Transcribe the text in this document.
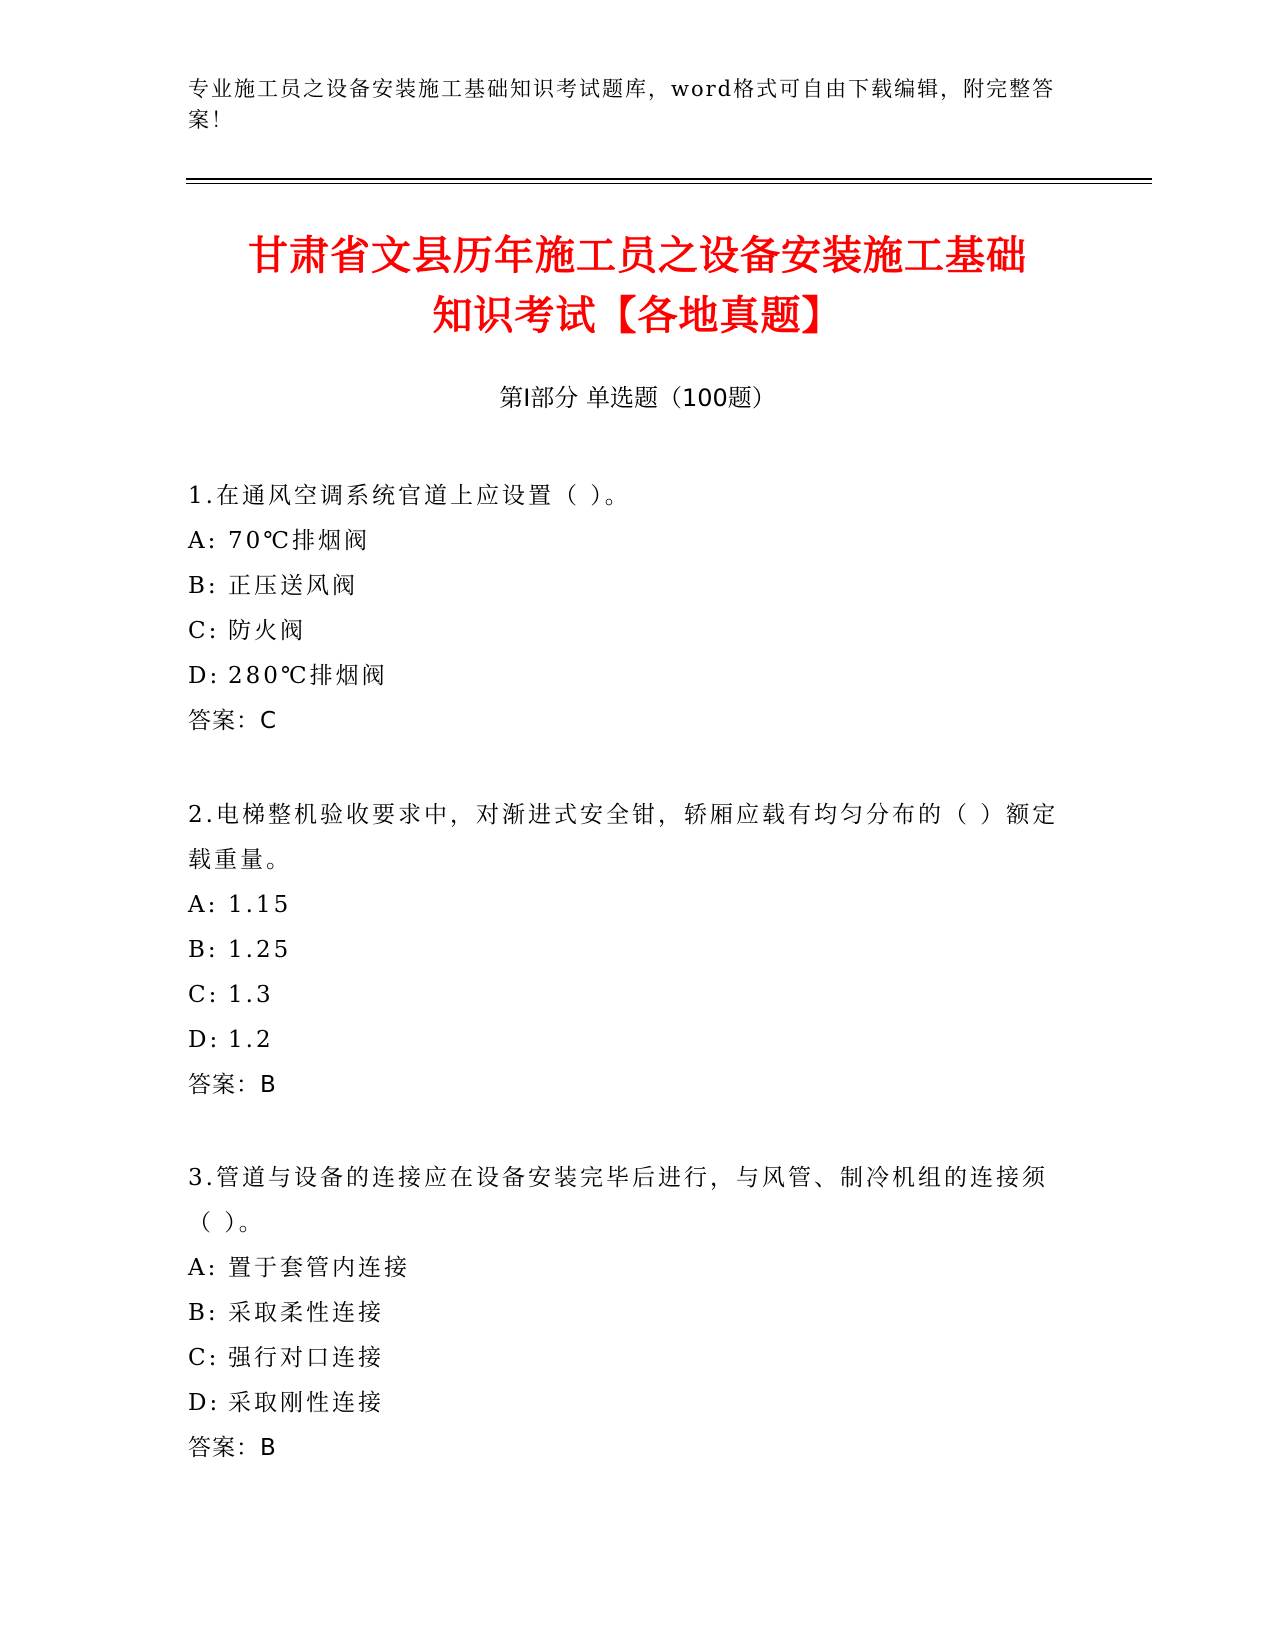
专业施工员之设备安装施工基础知识考试题库，word格式可自由下载编辑，附完整答案！
甘肃省文县历年施工员之设备安装施工基础
知识考试【各地真题】
第Ⅰ部分 单选题（100题）
1.在通风空调系统官道上应设置（ ）。
A: 70℃排烟阀
B: 正压送风阀
C: 防火阀
D: 280℃排烟阀
答案：C
2.电梯整机验收要求中，对渐进式安全钳，轿厢应载有均匀分布的（ ）额定载重量。
A: 1.15
B: 1.25
C: 1.3
D: 1.2
答案：B
3.管道与设备的连接应在设备安装完毕后进行，与风管、制冷机组的连接须（ ）。
A: 置于套管内连接
B: 采取柔性连接
C: 强行对口连接
D: 采取刚性连接
答案：B
